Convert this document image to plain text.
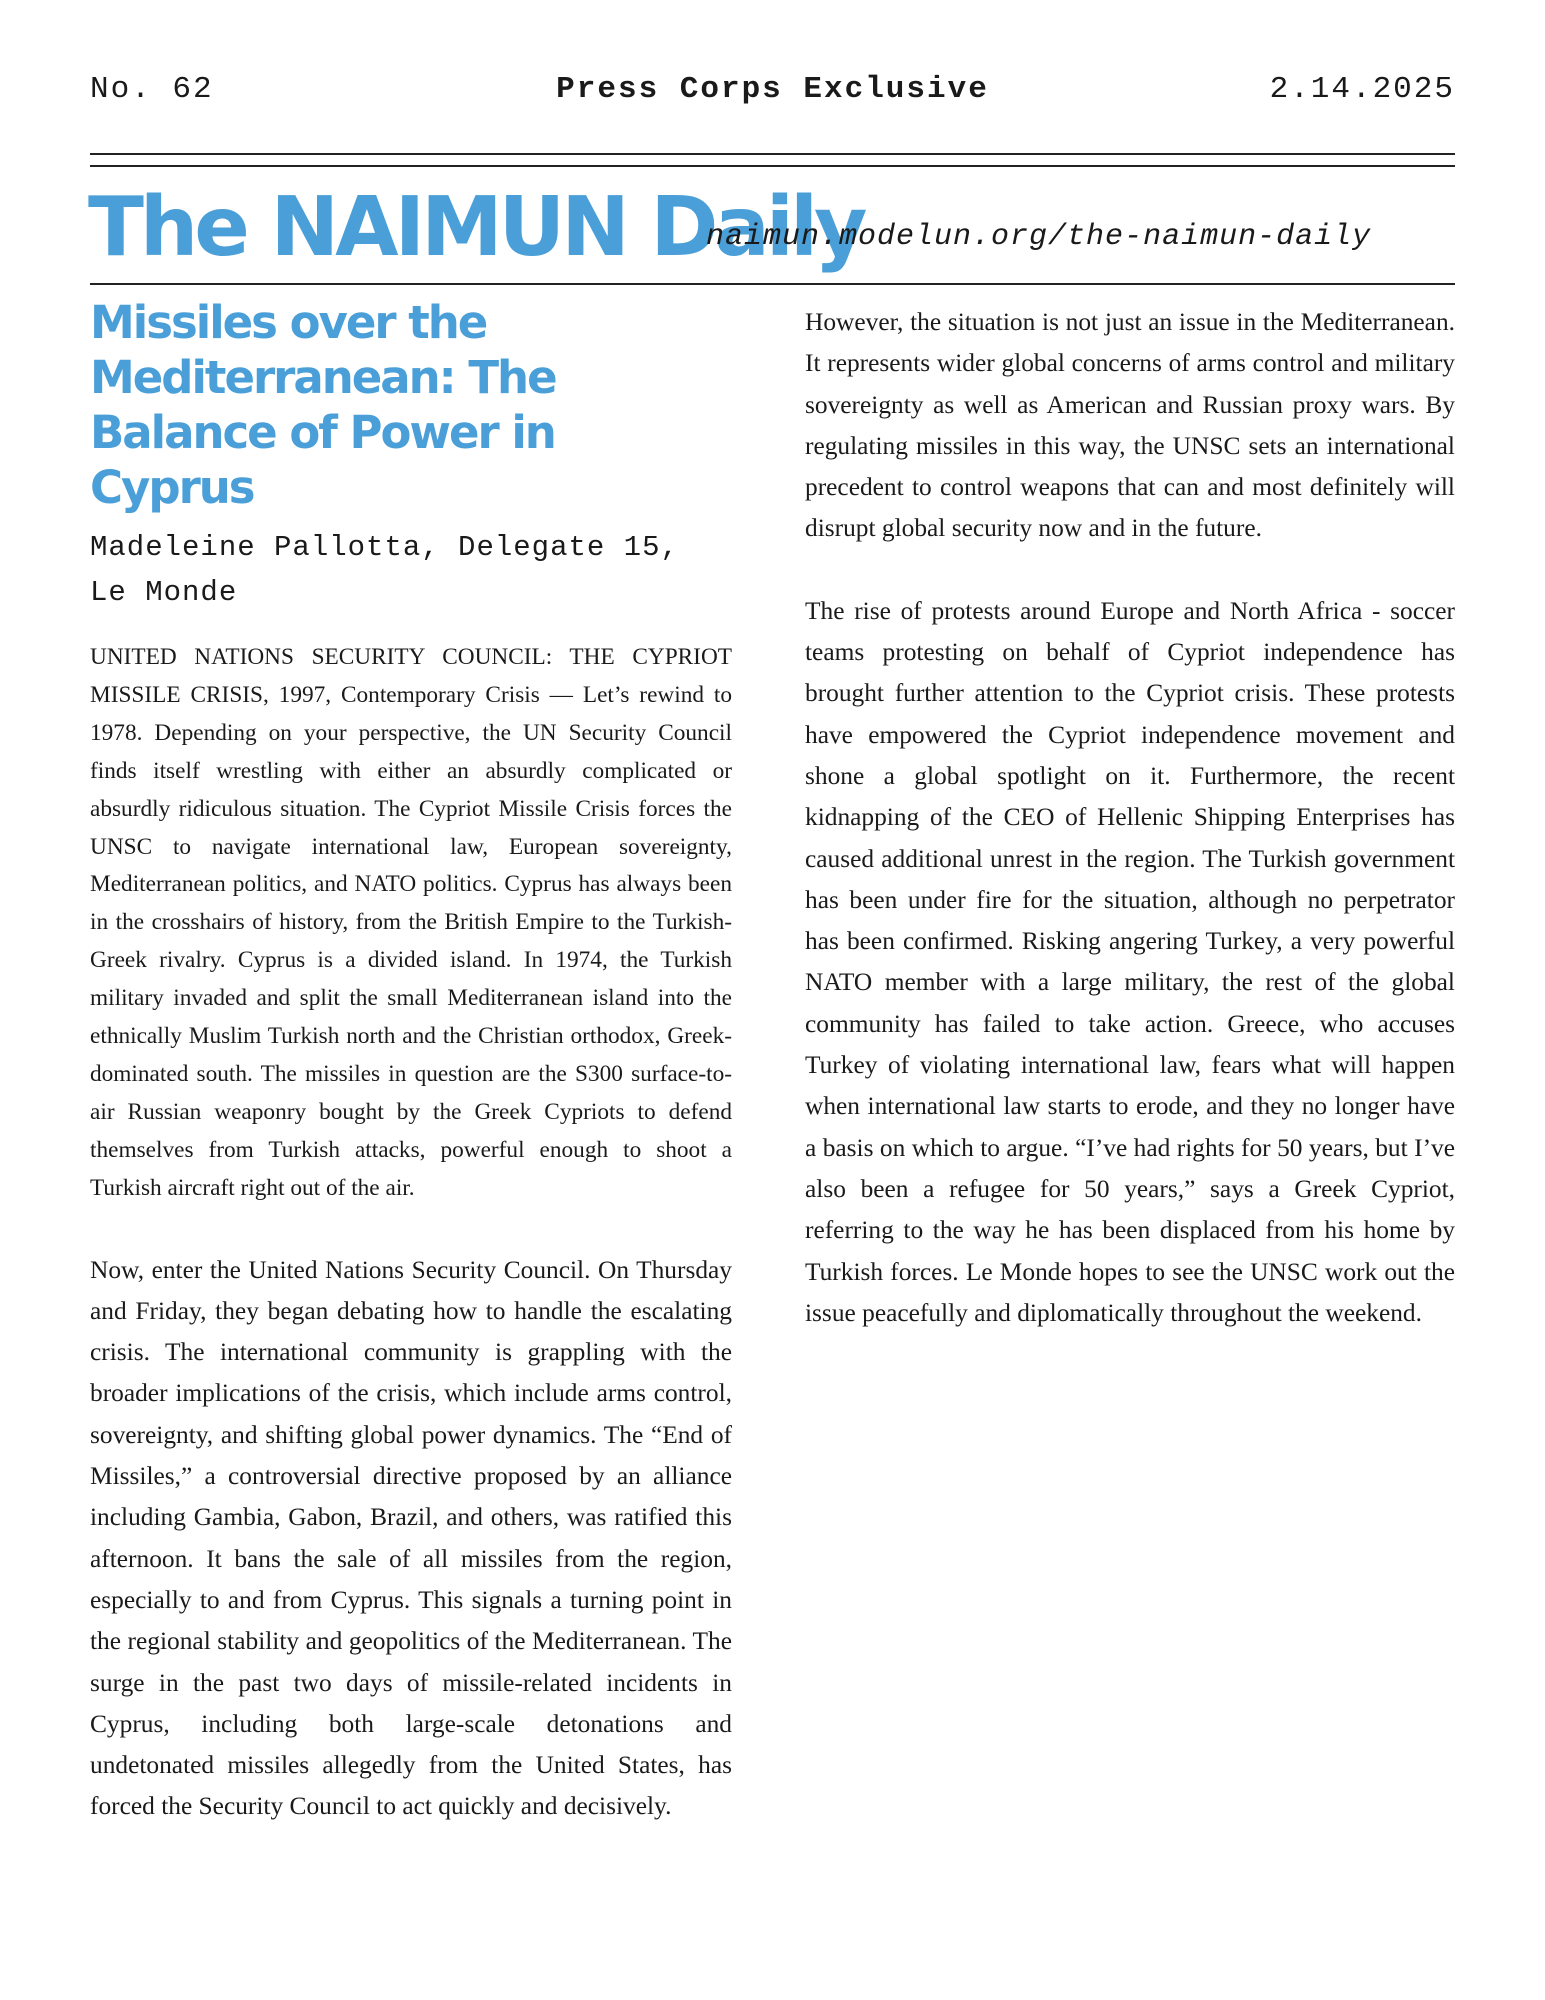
No. 62	Press Corps Exclusive	2.14.2025
The NAIMUN Daily
naimun.modelun.org/the-naimun-daily
Missiles over the Mediterranean: The Balance of Power in Cyprus

Madeleine Pallotta, Delegate 15, Le Monde

UNITED NATIONS SECURITY COUNCIL: THE CYPRIOT MISSILE CRISIS, 1997, Contemporary Crisis — Let’s rewind to 1978. Depending on your perspective, the UN Security Council finds itself wrestling with either an absurdly complicated or absurdly ridiculous situation. The Cypriot Missile Crisis forces the UNSC to navigate international law, European sovereignty, Mediterranean politics, and NATO politics. Cyprus has always been in the crosshairs of history, from the British Empire to the Turkish-Greek rivalry. Cyprus is a divided island. In 1974, the Turkish military invaded and split the small Mediterranean island into the ethnically Muslim Turkish north and the Christian orthodox, Greek-dominated south. The missiles in question are the S300 surface-to-air Russian weaponry bought by the Greek Cypriots to defend themselves from Turkish attacks, powerful enough to shoot a Turkish aircraft right out of the air.

Now, enter the United Nations Security Council. On Thursday and Friday, they began debating how to handle the escalating crisis. The international community is grappling with the broader implications of the crisis, which include arms control, sovereignty, and shifting global power dynamics. The “End of Missiles,” a controversial directive proposed by an alliance including Gambia, Gabon, Brazil, and others, was ratified this afternoon. It bans the sale of all missiles from the region, especially to and from Cyprus. This signals a turning point in the regional stability and geopolitics of the Mediterranean. The surge in the past two days of missile-related incidents in Cyprus, including both large-scale detonations and undetonated missiles allegedly from the United States, has forced the Security Council to act quickly and decisively.

However, the situation is not just an issue in the Mediterranean. It represents wider global concerns of arms control and military sovereignty as well as American and Russian proxy wars. By regulating missiles in this way, the UNSC sets an international precedent to control weapons that can and most definitely will disrupt global security now and in the future.

The rise of protests around Europe and North Africa - soccer teams protesting on behalf of Cypriot independence has brought further attention to the Cypriot crisis. These protests have empowered the Cypriot independence movement and shone a global spotlight on it. Furthermore, the recent kidnapping of the CEO of Hellenic Shipping Enterprises has caused additional unrest in the region. The Turkish government has been under fire for the situation, although no perpetrator has been confirmed. Risking angering Turkey, a very powerful NATO member with a large military, the rest of the global community has failed to take action. Greece, who accuses Turkey of violating international law, fears what will happen when international law starts to erode, and they no longer have a basis on which to argue. “I’ve had rights for 50 years, but I’ve also been a refugee for 50 years,” says a Greek Cypriot, referring to the way he has been displaced from his home by Turkish forces. Le Monde hopes to see the UNSC work out the issue peacefully and diplomatically throughout the weekend.
